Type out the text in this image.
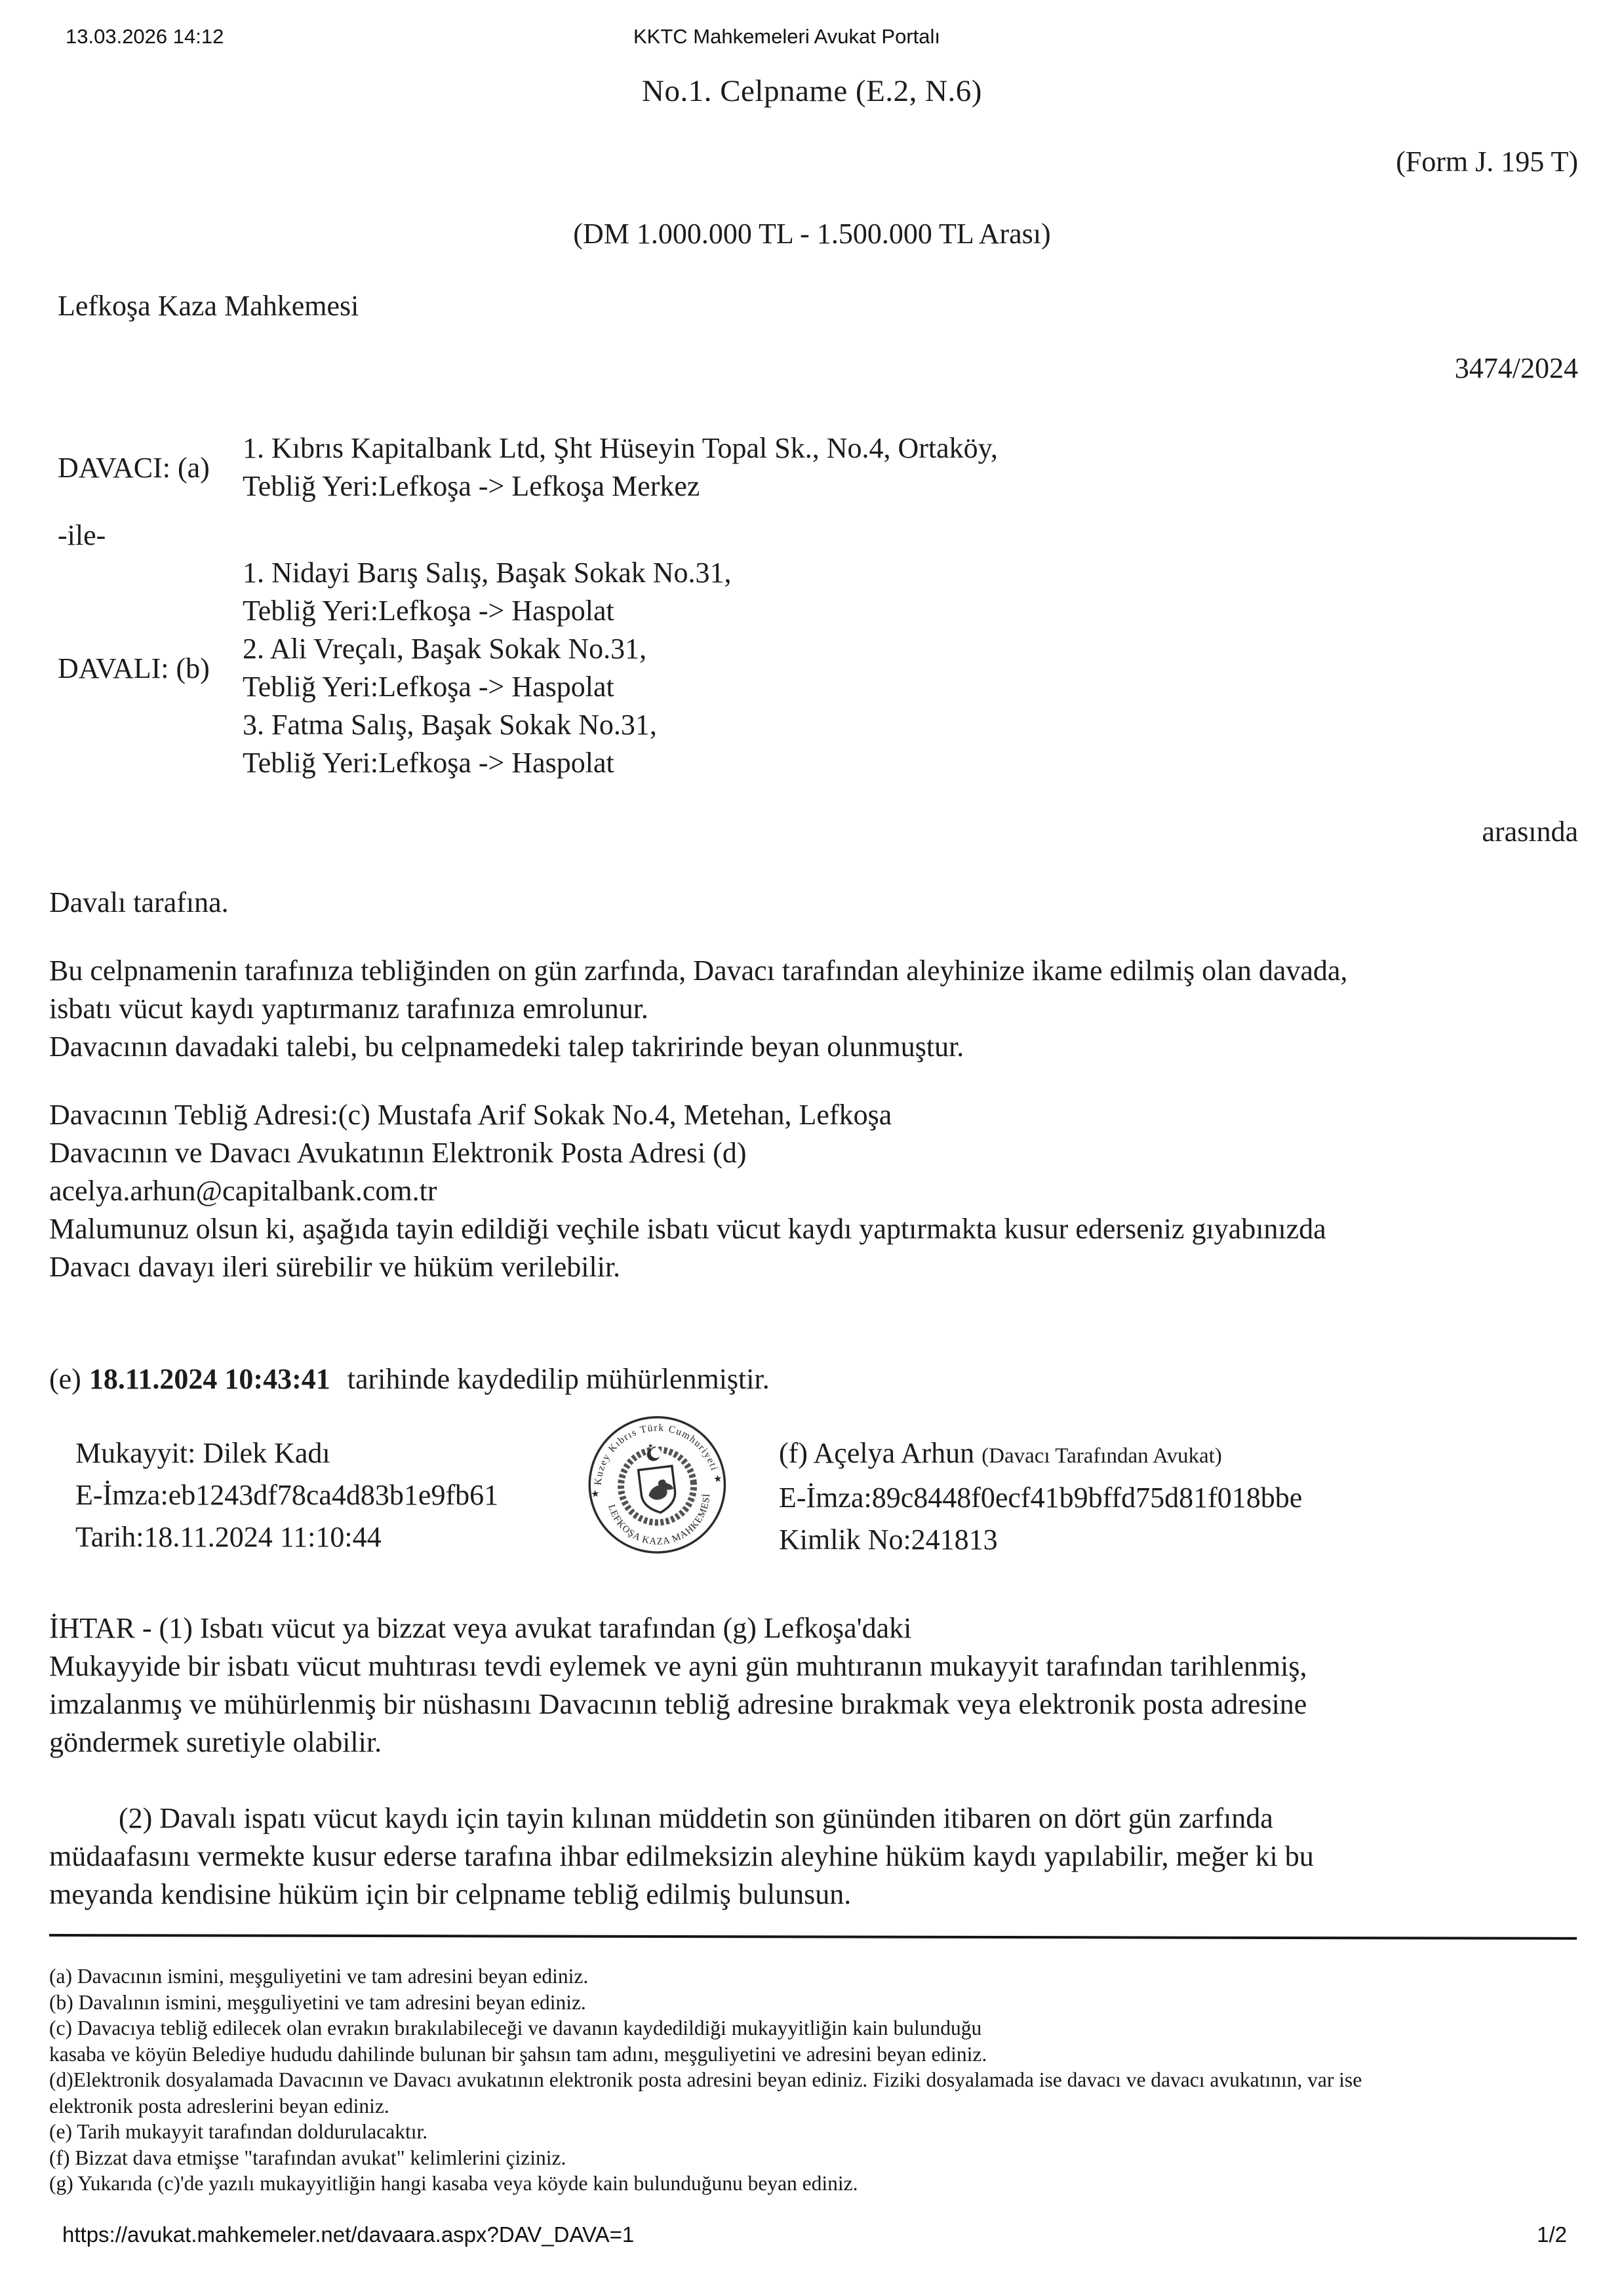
13.03.2026 14:12	KKTC Mahkemeleri Avukat Portalı
No.1. Celpname (E.2, N.6)
(Form J. 195 T)
(DM 1.000.000 TL - 1.500.000 TL Arası)
Lefkoşa Kaza Mahkemesi
3474/2024
DAVACI: (a)
1. Kıbrıs Kapitalbank Ltd, Şht Hüseyin Topal Sk., No.4, Ortaköy,
Tebliğ Yeri:Lefkoşa -> Lefkoşa Merkez
-ile-
DAVALI: (b)
1. Nidayi Barış Salış, Başak Sokak No.31,
Tebliğ Yeri:Lefkoşa -> Haspolat
2. Ali Vreçalı, Başak Sokak No.31,
Tebliğ Yeri:Lefkoşa -> Haspolat
3. Fatma Salış, Başak Sokak No.31,
Tebliğ Yeri:Lefkoşa -> Haspolat
arasında
Davalı tarafına.
Bu celpnamenin tarafınıza tebliğinden on gün zarfında, Davacı tarafından aleyhinize ikame edilmiş olan davada,
isbatı vücut kaydı yaptırmanız tarafınıza emrolunur.
Davacının davadaki talebi, bu celpnamedeki talep takririnde beyan olunmuştur.
Davacının Tebliğ Adresi:(c) Mustafa Arif Sokak No.4, Metehan, Lefkoşa
Davacının ve Davacı Avukatının Elektronik Posta Adresi (d)
acelya.arhun@capitalbank.com.tr
Malumunuz olsun ki, aşağıda tayin edildiği veçhile isbatı vücut kaydı yaptırmakta kusur ederseniz gıyabınızda
Davacı davayı ileri sürebilir ve hüküm verilebilir.
(e) 18.11.2024 10:43:41 tarihinde kaydedilip mühürlenmiştir.
Mukayyit: Dilek Kadı
E-İmza:eb1243df78ca4d83b1e9fb61
Tarih:18.11.2024 11:10:44
Kuzey Kıbrıs Türk Cumhuriyeti
LEFKOŞA KAZA MAHKEMESİ
★
★
★	(f) Açelya Arhun (Davacı Tarafından Avukat)
E-İmza:89c8448f0ecf41b9bffd75d81f018bbe
Kimlik No:241813
İHTAR - (1) Isbatı vücut ya bizzat veya avukat tarafından (g) Lefkoşa'daki
Mukayyide bir isbatı vücut muhtırası tevdi eylemek ve ayni gün muhtıranın mukayyit tarafından tarihlenmiş,
imzalanmış ve mühürlenmiş bir nüshasını Davacının tebliğ adresine bırakmak veya elektronik posta adresine
göndermek suretiyle olabilir.
(2) Davalı ispatı vücut kaydı için tayin kılınan müddetin son gününden itibaren on dört gün zarfında
müdaafasını vermekte kusur ederse tarafına ihbar edilmeksizin aleyhine hüküm kaydı yapılabilir, meğer ki bu
meyanda kendisine hüküm için bir celpname tebliğ edilmiş bulunsun.
(a) Davacının ismini, meşguliyetini ve tam adresini beyan ediniz.
(b) Davalının ismini, meşguliyetini ve tam adresini beyan ediniz.
(c) Davacıya tebliğ edilecek olan evrakın bırakılabileceği ve davanın kaydedildiği mukayyitliğin kain bulunduğu
kasaba ve köyün Belediye hududu dahilinde bulunan bir şahsın tam adını, meşguliyetini ve adresini beyan ediniz.
(d)Elektronik dosyalamada Davacının ve Davacı avukatının elektronik posta adresini beyan ediniz. Fiziki dosyalamada ise davacı ve davacı avukatının, var ise
elektronik posta adreslerini beyan ediniz.
(e) Tarih mukayyit tarafından doldurulacaktır.
(f) Bizzat dava etmişse "tarafından avukat" kelimlerini çiziniz.
(g) Yukarıda (c)'de yazılı mukayyitliğin hangi kasaba veya köyde kain bulunduğunu beyan ediniz.
https://avukat.mahkemeler.net/davaara.aspx?DAV_DAVA=1	1/2
